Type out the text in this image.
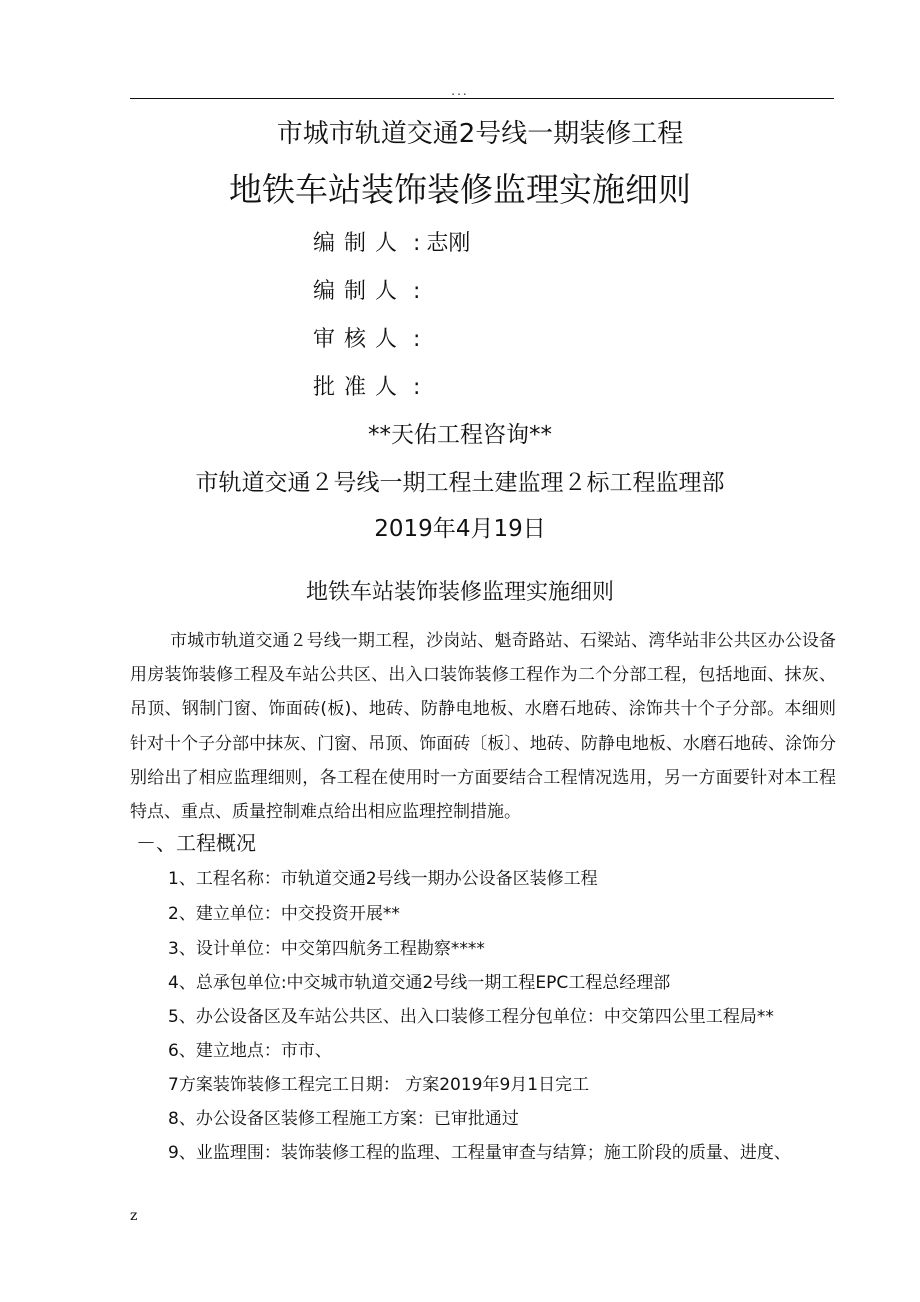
...
市城市轨道交通2号线一期装修工程
地铁车站装饰装修监理实施细则
编制人 : 志刚
编制人 :
审核人 :
批准人 :
**天佑工程咨询**
市轨道交通２号线一期工程土建监理２标工程监理部
2019年4月19日
地铁车站装饰装修监理实施细则

市城市轨道交通２号线一期工程，沙岗站、魁奇路站、石梁站、湾华站非公共区办公设备用房装饰装修工程及车站公共区、出入口装饰装修工程作为二个分部工程，包括地面、抹灰、吊顶、钢制门窗、饰面砖(板)、地砖、防静电地板、水磨石地砖、涂饰共十个子分部。本细则针对十个子分部中抹灰、门窗、吊顶、饰面砖〔板〕、地砖、防静电地板、水磨石地砖、涂饰分别给出了相应监理细则，各工程在使用时一方面要结合工程情况选用，另一方面要针对本工程特点、重点、质量控制难点给出相应监理控制措施。

－、工程概况
1、工程名称：市轨道交通2号线一期办公设备区装修工程
2、建立单位：中交投资开展**
3、设计单位：中交第四航务工程勘察****
4、总承包单位:中交城市轨道交通2号线一期工程EPC工程总经理部
5、办公设备区及车站公共区、出入口装修工程分包单位：中交第四公里工程局**
6、建立地点：市市、
7方案装饰装修工程完工日期： 方案2019年9月1日完工
8、办公设备区装修工程施工方案：已审批通过
9、业监理围：装饰装修工程的监理、工程量审查与结算；施工阶段的质量、进度、
z
